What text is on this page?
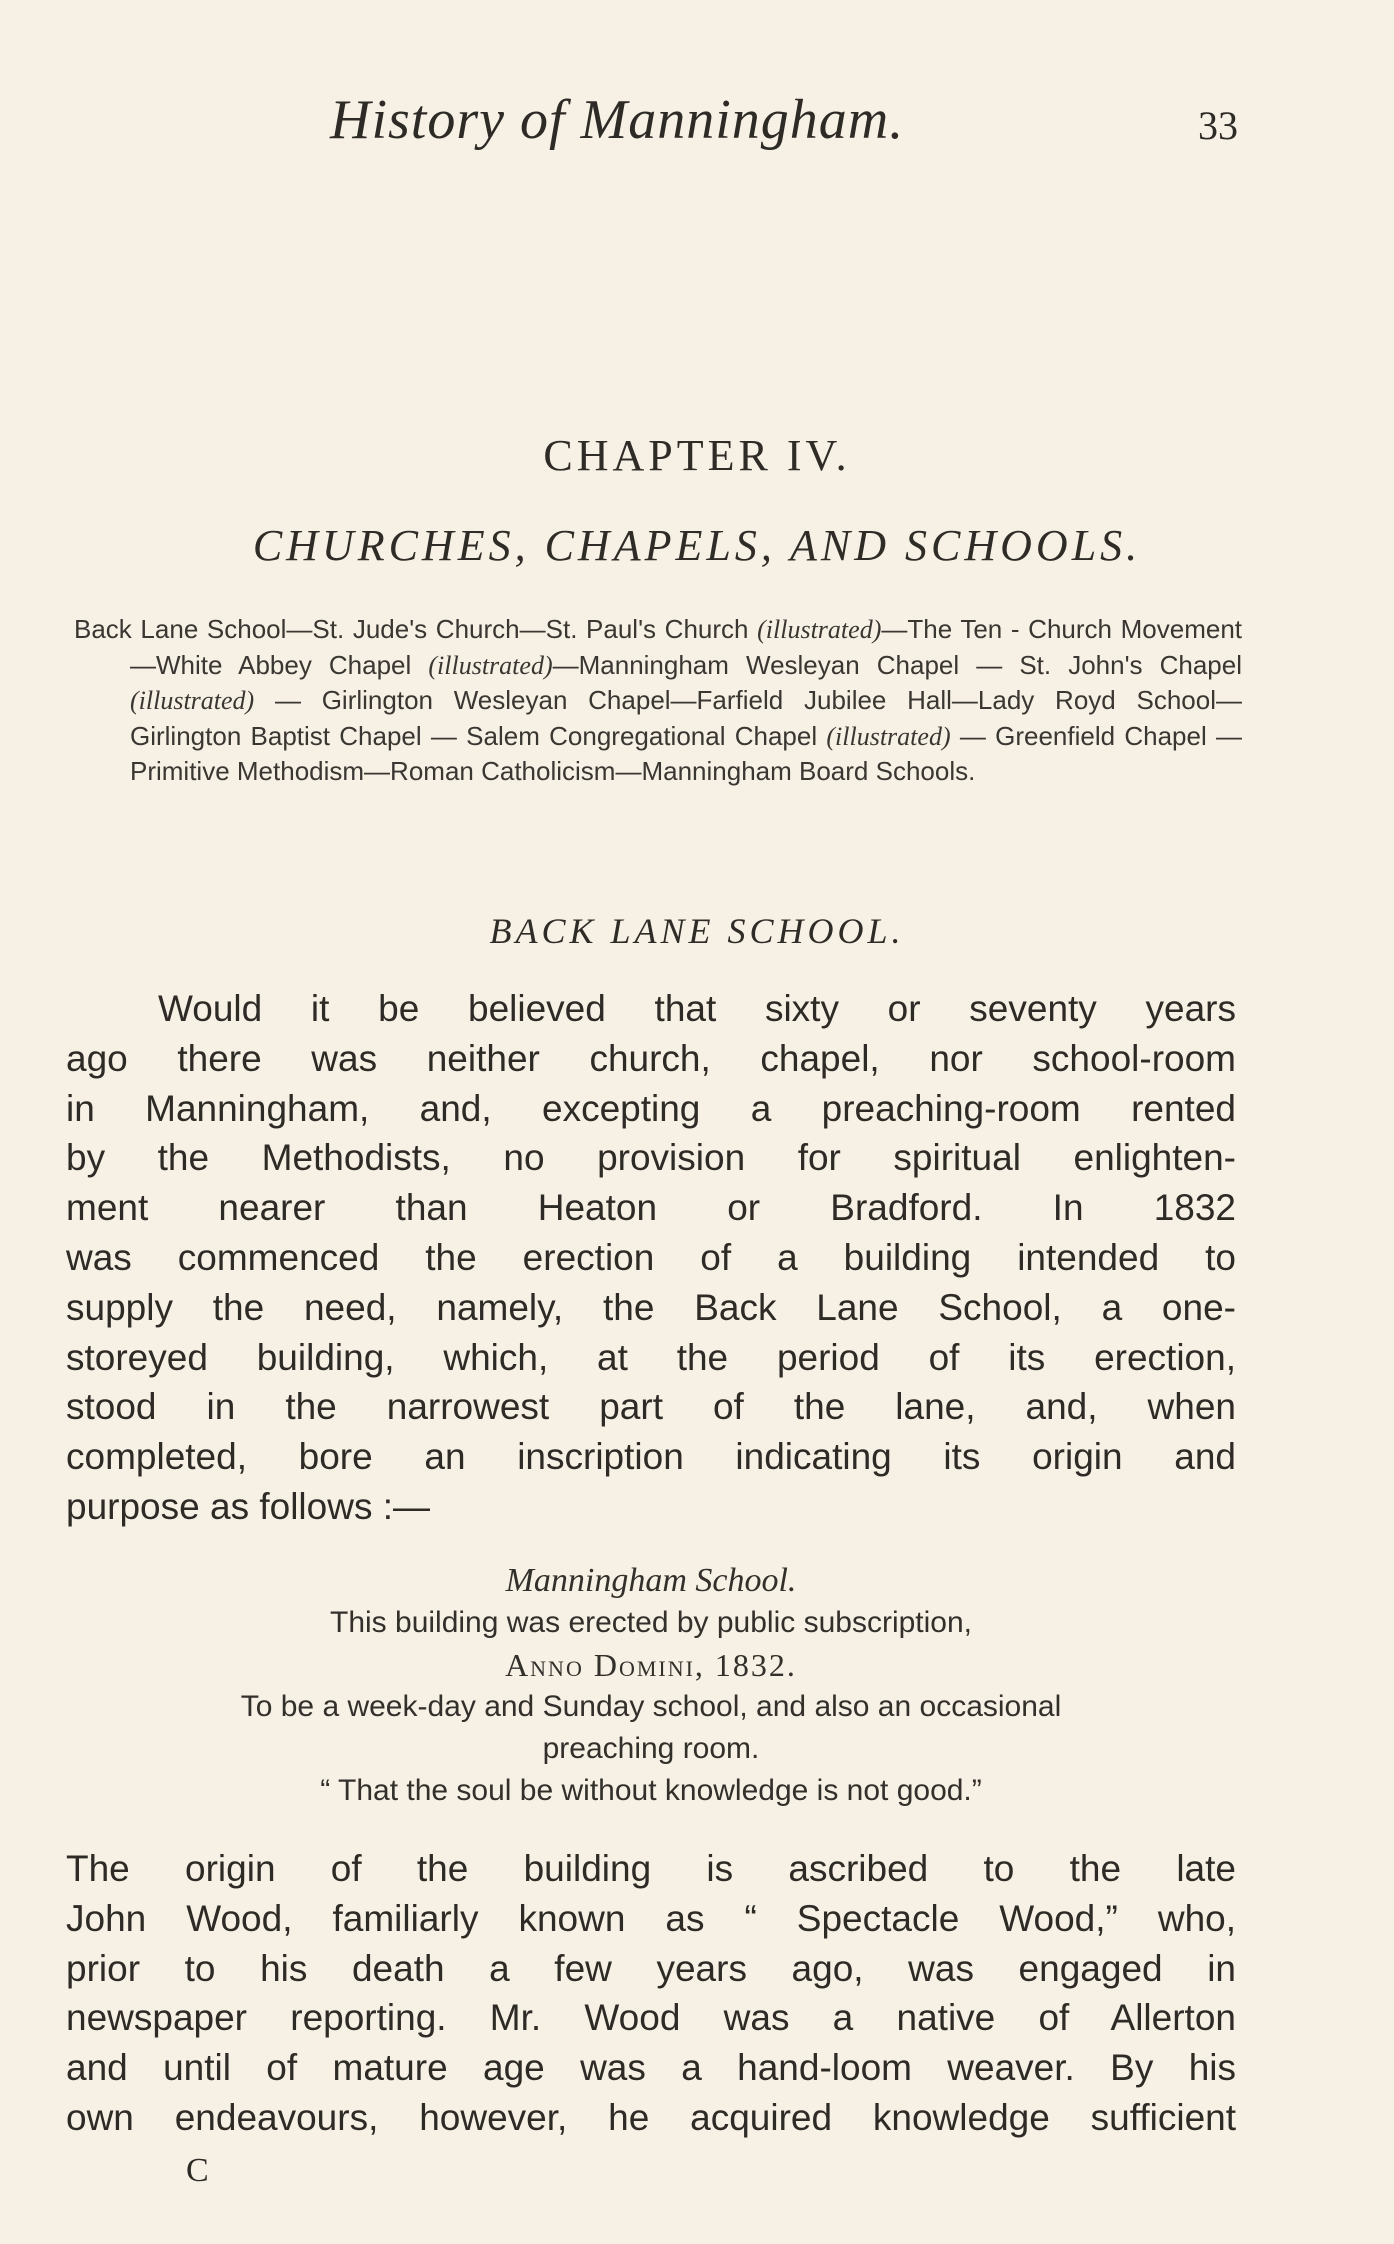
History of Manningham.	33
CHAPTER IV.
CHURCHES, CHAPELS, AND SCHOOLS.
Back Lane School—St. Jude's Church—St. Paul's Church (illustrated)—The Ten - Church Movement—White Abbey Chapel (illustrated)—Manningham Wesleyan Chapel — St. John's Chapel (illustrated) — Girlington Wesleyan Chapel—Farfield Jubilee Hall—Lady Royd School—Girlington Baptist Chapel — Salem Congregational Chapel (illustrated) — Greenfield Chapel — Primitive Methodism—Roman Catholicism—Manningham Board Schools.
BACK LANE SCHOOL.
Would it be believed that sixty or seventy years
ago there was neither church, chapel, nor school-room
in Manningham, and, excepting a preaching-room rented
by the Methodists, no provision for spiritual enlighten-
ment nearer than Heaton or Bradford. In 1832
was commenced the erection of a building intended to
supply the need, namely, the Back Lane School, a one-
storeyed building, which, at the period of its erection,
stood in the narrowest part of the lane, and, when
completed, bore an inscription indicating its origin and
purpose as follows :—
Manningham School.
This building was erected by public subscription,
Anno Domini, 1832.
To be a week-day and Sunday school, and also an occasional
preaching room.
“ That the soul be without knowledge is not good.”
The origin of the building is ascribed to the late
John Wood, familiarly known as “ Spectacle Wood,” who,
prior to his death a few years ago, was engaged in
newspaper reporting. Mr. Wood was a native of Allerton
and until of mature age was a hand-loom weaver. By his
own endeavours, however, he acquired knowledge sufficient
C
